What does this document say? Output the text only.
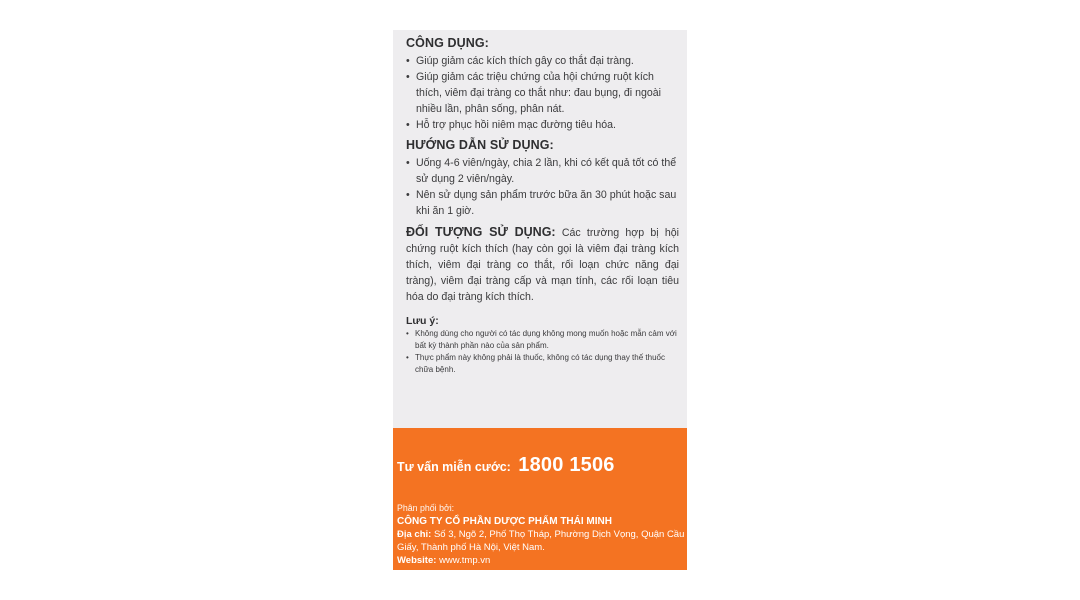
CÔNG DỤNG:
• Giúp giảm các kích thích gây co thắt đại tràng.
• Giúp giảm các triệu chứng của hội chứng ruột kích thích, viêm đại tràng co thắt như: đau bụng, đi ngoài nhiều lần, phân sống, phân nát.
• Hỗ trợ phục hồi niêm mạc đường tiêu hóa.
HƯỚNG DẪN SỬ DỤNG:
• Uống 4-6 viên/ngày, chia 2 lần, khi có kết quả tốt có thể sử dụng 2 viên/ngày.
• Nên sử dụng sản phẩm trước bữa ăn 30 phút hoặc sau khi ăn 1 giờ.
ĐỐI TƯỢNG SỬ DỤNG: Các trường hợp bị hội chứng ruột kích thích (hay còn gọi là viêm đại tràng kích thích, viêm đại tràng co thắt, rối loạn chức năng đại tràng), viêm đại tràng cấp và mạn tính, các rối loạn tiêu hóa do đại tràng kích thích.
Lưu ý:
• Không dùng cho người có tác dụng không mong muốn hoặc mẫn cảm với bất kỳ thành phần nào của sản phẩm.
• Thực phẩm này không phải là thuốc, không có tác dụng thay thế thuốc chữa bệnh.
Tư vấn miễn cước: 1800 1506
Phân phối bởi:
CÔNG TY CỔ PHẦN DƯỢC PHẨM THÁI MINH
Địa chỉ: Số 3, Ngõ 2, Phố Thọ Tháp, Phường Dịch Vọng, Quận Cầu Giấy, Thành phố Hà Nội, Việt Nam.
Website: www.tmp.vn
